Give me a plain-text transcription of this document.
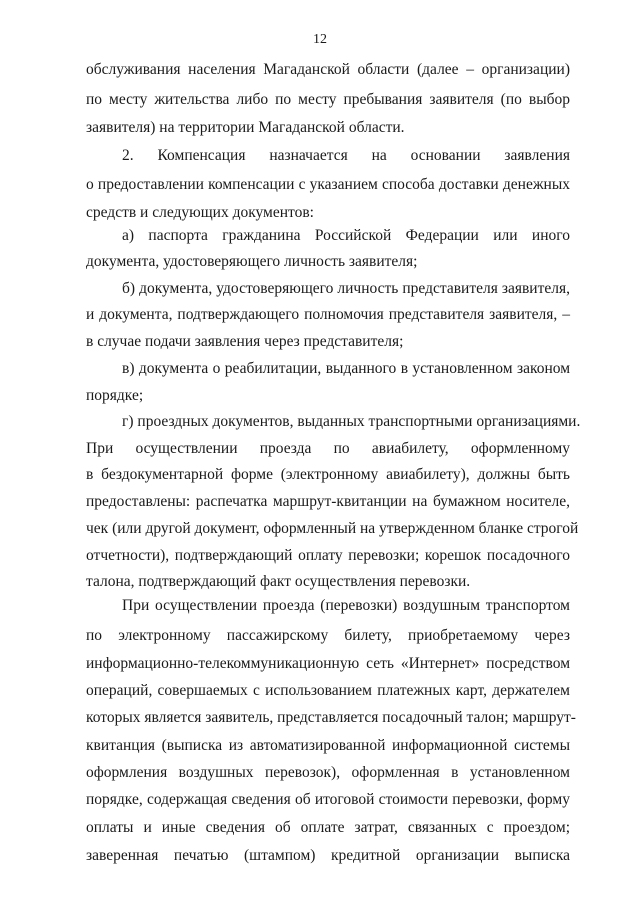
12
обслуживания населения Магаданской области (далее – организации)
по месту жительства либо по месту пребывания заявителя (по выбор
заявителя) на территории Магаданской области.
2. Компенсация назначается на основании заявления
о предоставлении компенсации с указанием способа доставки денежных
средств и следующих документов:
а) паспорта гражданина Российской Федерации или иного
документа, удостоверяющего личность заявителя;
б) документа, удостоверяющего личность представителя заявителя,
и документа, подтверждающего полномочия представителя заявителя, –
в случае подачи заявления через представителя;
в) документа о реабилитации, выданного в установленном законом
порядке;
г) проездных документов, выданных транспортными организациями.
При осуществлении проезда по авиабилету, оформленному
в бездокументарной форме (электронному авиабилету), должны быть
предоставлены: распечатка маршрут-квитанции на бумажном носителе,
чек (или другой документ, оформленный на утвержденном бланке строгой
отчетности), подтверждающий оплату перевозки; корешок посадочного
талона, подтверждающий факт осуществления перевозки.
При осуществлении проезда (перевозки) воздушным транспортом
по электронному пассажирскому билету, приобретаемому через
информационно-телекоммуникационную сеть «Интернет» посредством
операций, совершаемых с использованием платежных карт, держателем
которых является заявитель, представляется посадочный талон; маршрут-
квитанция (выписка из автоматизированной информационной системы
оформления воздушных перевозок), оформленная в установленном
порядке, содержащая сведения об итоговой стоимости перевозки, форму
оплаты и иные сведения об оплате затрат, связанных с проездом;
заверенная печатью (штампом) кредитной организации выписка
